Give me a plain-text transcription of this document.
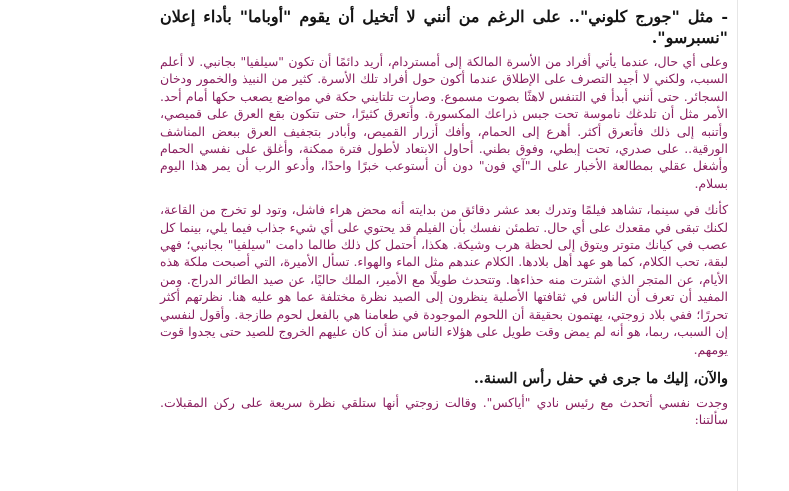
- مثل "جورج كلوني".. على الرغم من أنني لا أتخيل أن يقوم "أوباما" بأداء إعلان "نسبرسو".

وعلى أي حال، عندما يأتي أفراد من الأسرة المالكة إلى أمستردام، أريد دائمًا أن تكون "سيلفيا" بجانبي. لا أعلم السبب، ولكني لا أجيد التصرف على الإطلاق عندما أكون حول أفراد تلك الأسرة. كثير من النبيذ والخمور ودخان السجائر. حتى أنني أبدأ في التنفس لاهثًا بصوت مسموع. وصارت تلتايني حكة في مواضع يصعب حكها أمام أحد. الأمر مثل أن تلدغك ناموسة تحت جبس ذراعك المكسورة. وأتعرق كثيرًا، حتى تتكون بقع العرق على قميصي، وأتنبه إلى ذلك فأتعرق أكثر. أهرع إلى الحمام، وأفك أزرار القميص، وأبادر بتجفيف العرق ببعض المناشف الورقية.. على صدري، تحت إبطي، وفوق بطني. أحاول الابتعاد لأطول فترة ممكنة، وأغلق على نفسي الحمام وأشغل عقلي بمطالعة الأخبار على الـ"آي فون" دون أن أستوعب خبرًا واحدًا، وأدعو الرب أن يمر هذا اليوم بسلام.

كأنك في سينما، تشاهد فيلمًا وتدرك بعد عشر دقائق من بدايته أنه محض هراء فاشل، وتود لو تخرج من القاعة، لكنك تبقى في مقعدك على أي حال. تطمئن نفسك بأن الفيلم قد يحتوي على أي شيء جذاب فيما يلي، بينما كل عصب في كيانك متوتر ويتوق إلى لحظة هرب وشيكة. هكذا، أحتمل كل ذلك طالما دامت "سيلفيا" بجانبي؛ فهي لبقة، تحب الكلام، كما هو عهد أهل بلادها. الكلام عندهم مثل الماء والهواء. تسأل الأميرة، التي أصبحت ملكة هذه الأيام، عن المتجر الذي اشترت منه حذاءها. وتتحدث طويلًا مع الأمير، الملك حاليًا، عن صيد الطائر الدراج. ومن المفيد أن تعرف أن الناس في ثقافتها الأصلية ينظرون إلى الصيد نظرة مختلفة عما هو عليه هنا. نظرتهم أكثر تحررًا؛ ففي بلاد زوجتي، يهتمون بحقيقة أن اللحوم الموجودة في طعامنا هي بالفعل لحوم طازجة. وأقول لنفسي إن السبب، ربما، هو أنه لم يمض وقت طويل على هؤلاء الناس منذ أن كان عليهم الخروج للصيد حتى يجدوا قوت يومهم.

والآن، إليك ما جرى في حفل رأس السنة..

وجدت نفسي أتحدث مع رئيس نادي "أياكس". وقالت زوجتي أنها ستلقي نظرة سريعة على ركن المقبلات. سألتنا:
